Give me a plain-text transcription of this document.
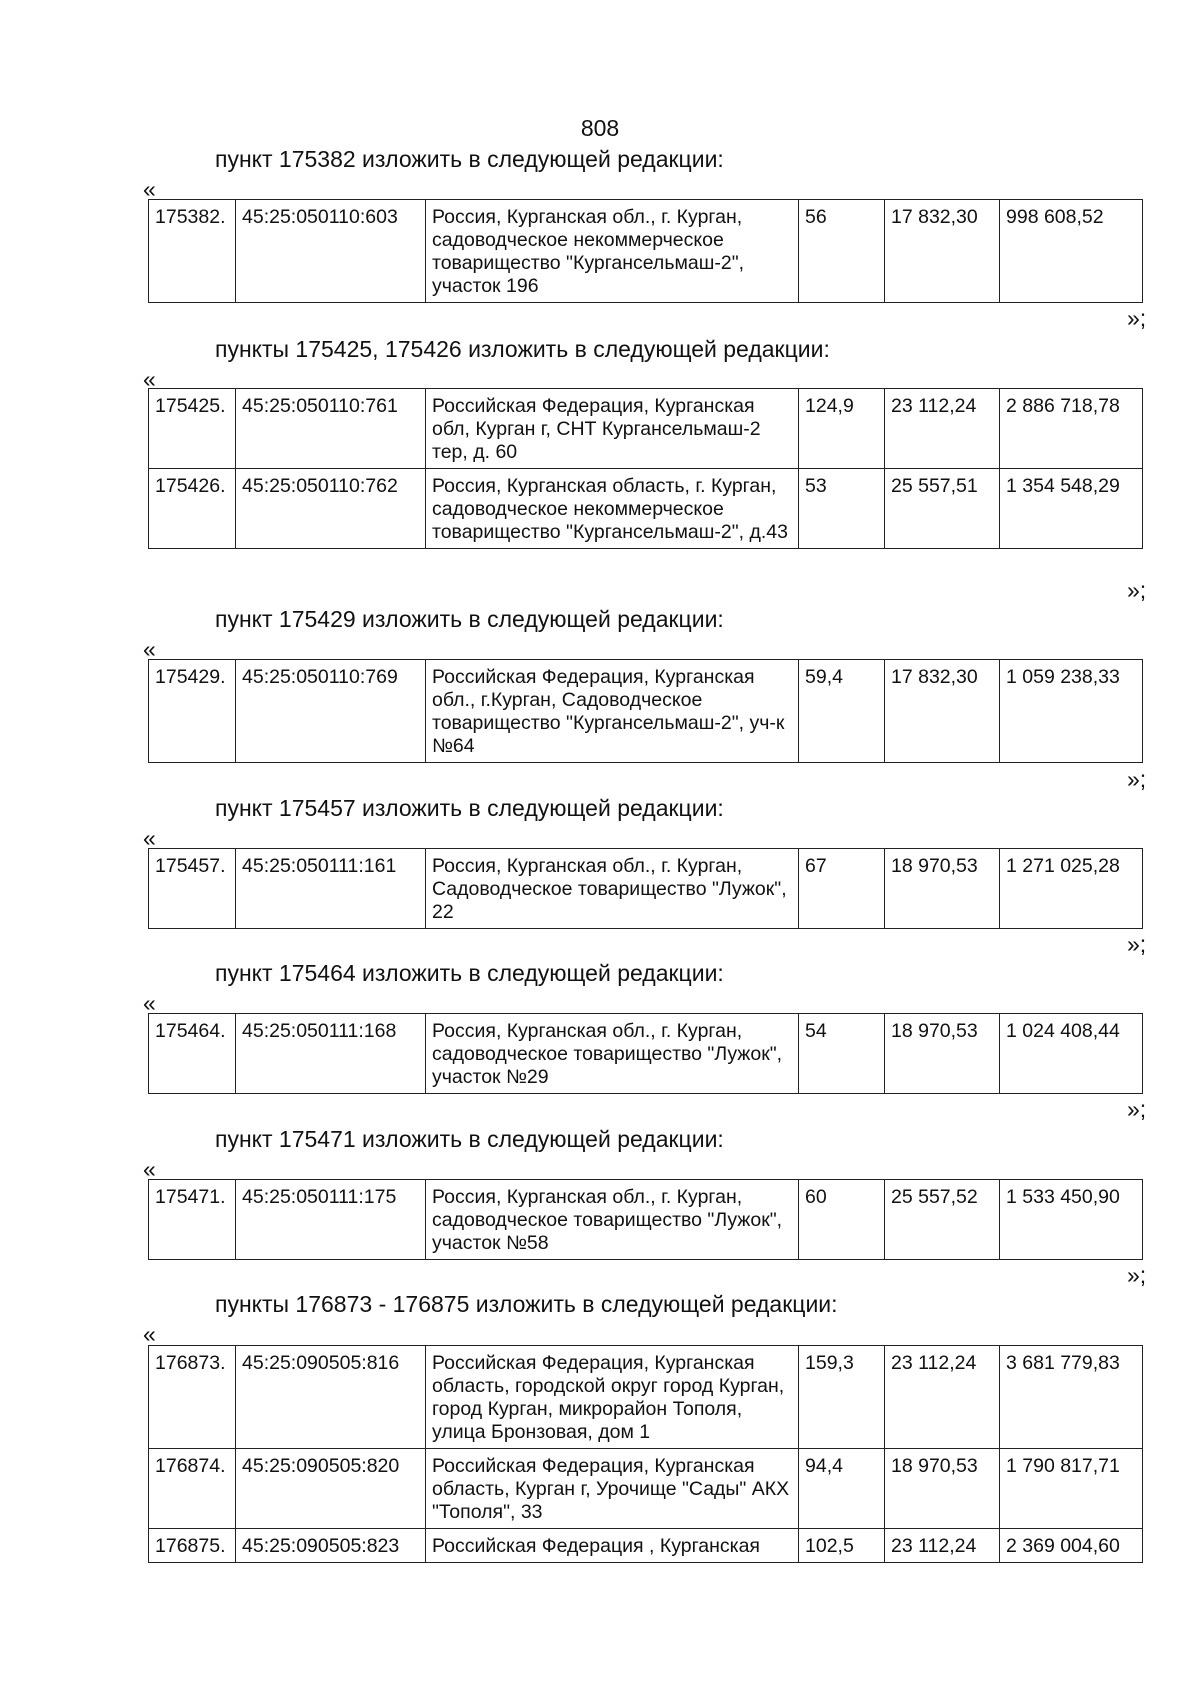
808
пункт 175382 изложить в следующей редакции:
«
175382.	45:25:050110:603	Россия, Курганская обл., г. Курган, садоводческое некоммерческое товарищество "Кургансельмаш-2", участок 196	56	17 832,30	998 608,52
»;
пункты 175425, 175426 изложить в следующей редакции:
«
175425.	45:25:050110:761	Российская Федерация, Курганская обл, Курган г, СНТ Кургансельмаш-2 тер, д. 60	124,9	23 112,24	2 886 718,78
175426.	45:25:050110:762	Россия, Курганская область, г. Курган, садоводческое некоммерческое товарищество "Кургансельмаш-2", д.43	53	25 557,51	1 354 548,29
»;
пункт 175429 изложить в следующей редакции:
«
175429.	45:25:050110:769	Российская Федерация, Курганская обл., г.Курган, Садоводческое товарищество "Кургансельмаш-2", уч-к №64	59,4	17 832,30	1 059 238,33
»;
пункт 175457 изложить в следующей редакции:
«
175457.	45:25:050111:161	Россия, Курганская обл., г. Курган, Садоводческое товарищество "Лужок", 22	67	18 970,53	1 271 025,28
»;
пункт 175464 изложить в следующей редакции:
«
175464.	45:25:050111:168	Россия, Курганская обл., г. Курган, садоводческое товарищество "Лужок", участок №29	54	18 970,53	1 024 408,44
»;
пункт 175471 изложить в следующей редакции:
«
175471.	45:25:050111:175	Россия, Курганская обл., г. Курган, садоводческое товарищество "Лужок", участок №58	60	25 557,52	1 533 450,90
»;
пункты 176873 - 176875 изложить в следующей редакции:
«
176873.	45:25:090505:816	Российская Федерация, Курганская область, городской округ город Курган, город Курган, микрорайон Тополя, улица Бронзовая, дом 1	159,3	23 112,24	3 681 779,83
176874.	45:25:090505:820	Российская Федерация, Курганская область, Курган г, Урочище "Сады" АКХ "Тополя", 33	94,4	18 970,53	1 790 817,71
176875.	45:25:090505:823	Российская Федерация , Курганская	102,5	23 112,24	2 369 004,60
